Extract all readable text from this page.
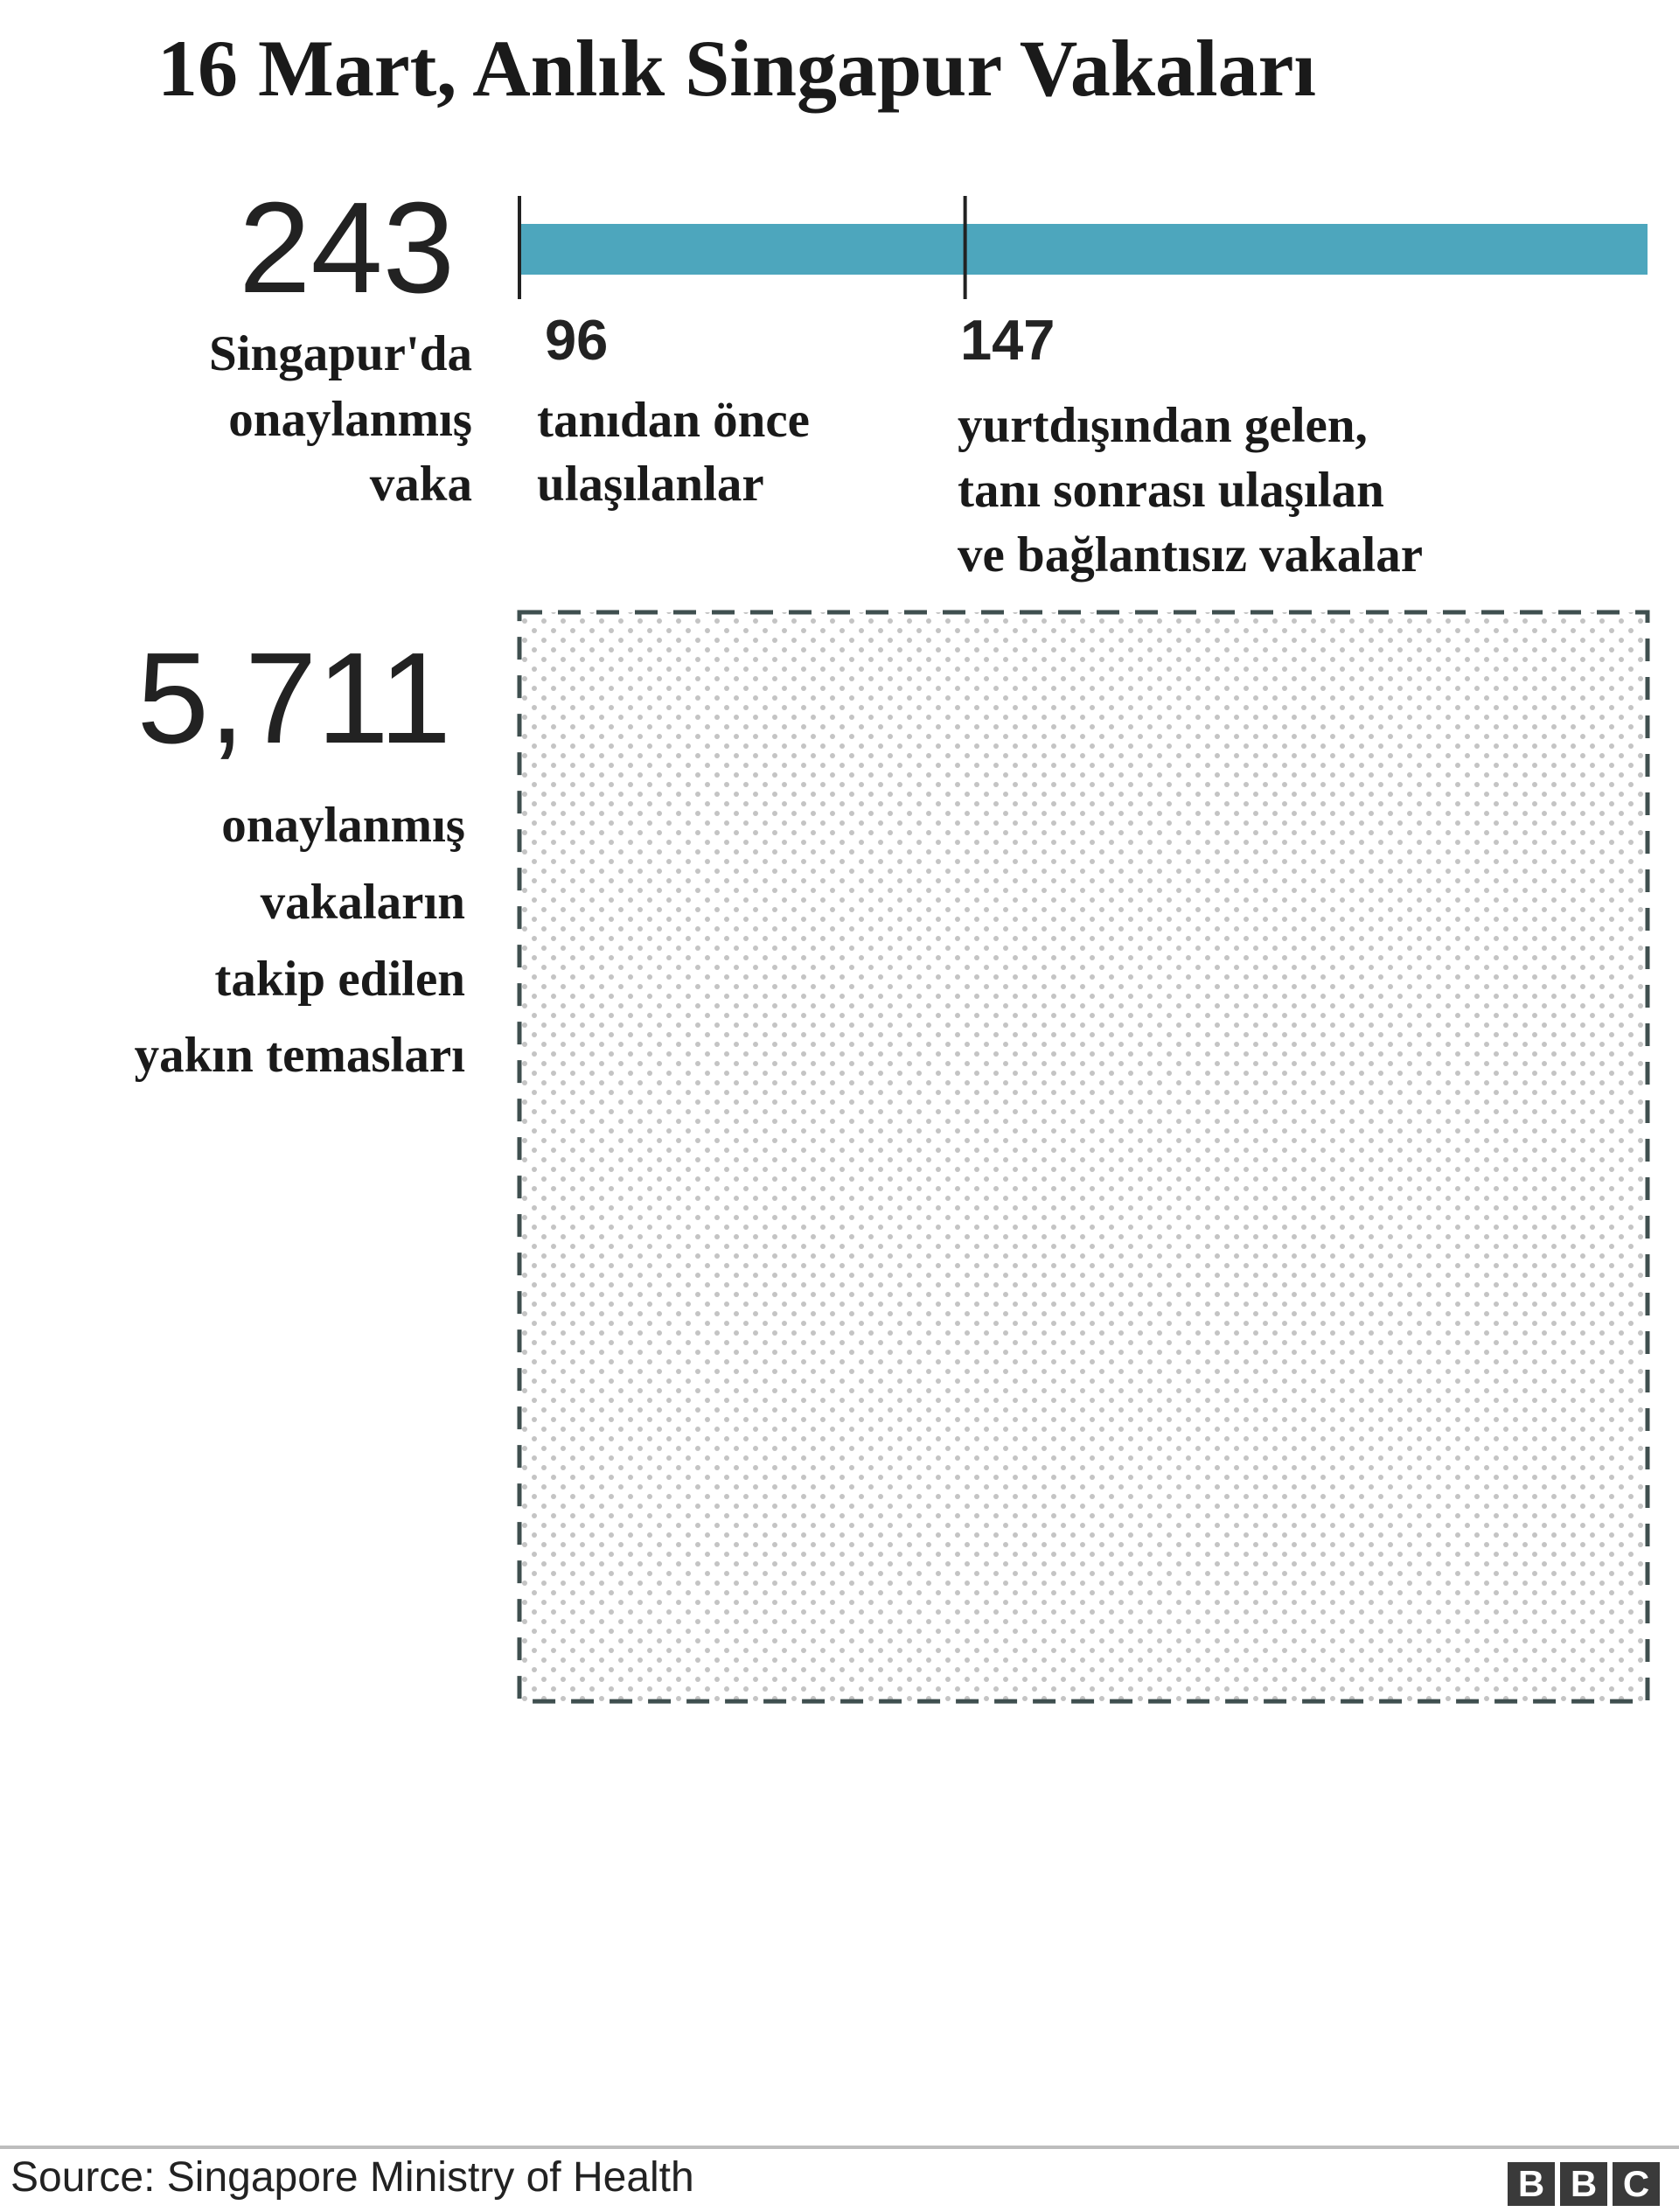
16 Mart, Anlık Singapur Vakaları
243
Singapur'da
onaylanmış
vaka
96
tanıdan önce
ulaşılanlar
147
yurtdışından gelen,
tanı sonrası ulaşılan
ve bağlantısız vakalar
5,711
onaylanmış
vakaların
takip edilen
yakın temasları
Source: Singapore Ministry of Health	B B C
